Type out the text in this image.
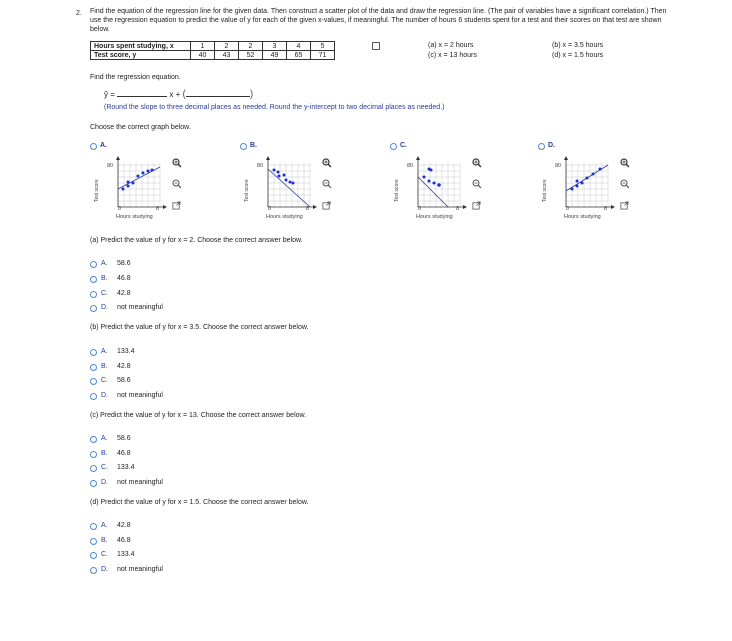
2. Find the equation of the regression line for the given data. Then construct a scatter plot of the data and draw the regression line. (The pair of variables have a significant correlation.) Then use the regression equation to predict the value of y for each of the given x-values, if meaningful. The number of hours 6 students spent for a test and their scores on that test are shown below.
Hours spent studying, x	1	2	2	3	4	5
Test score, y	40	43	52	49	65	71
(a) x = 2 hours
(c) x = 13 hours
(b) x = 3.5 hours
(d) x = 1.5 hours
Find the regression equation.
ŷ =	x + (	)
(Round the slope to three decimal places as needed. Round the y-intercept to two decimal places as needed.)
Choose the correct graph below.
A.	B.	C.	D.
Test score
80
0	8
Hours studying
Test score
80
0	8
Hours studying
Test score
80
0	8
Hours studying
Test score
80
0	8
Hours studying
(a) Predict the value of y for x = 2. Choose the correct answer below.
A. 58.6
B. 46.8
C. 42.8
D. not meaningful
(b) Predict the value of y for x = 3.5. Choose the correct answer below.
A. 133.4
B. 42.8
C. 58.6
D. not meaningful
(c) Predict the value of y for x = 13. Choose the correct answer below.
A. 58.6
B. 46.8
C. 133.4
D. not meaningful
(d) Predict the value of y for x = 1.5. Choose the correct answer below.
A. 42.8
B. 46.8
C. 133.4
D. not meaningful
